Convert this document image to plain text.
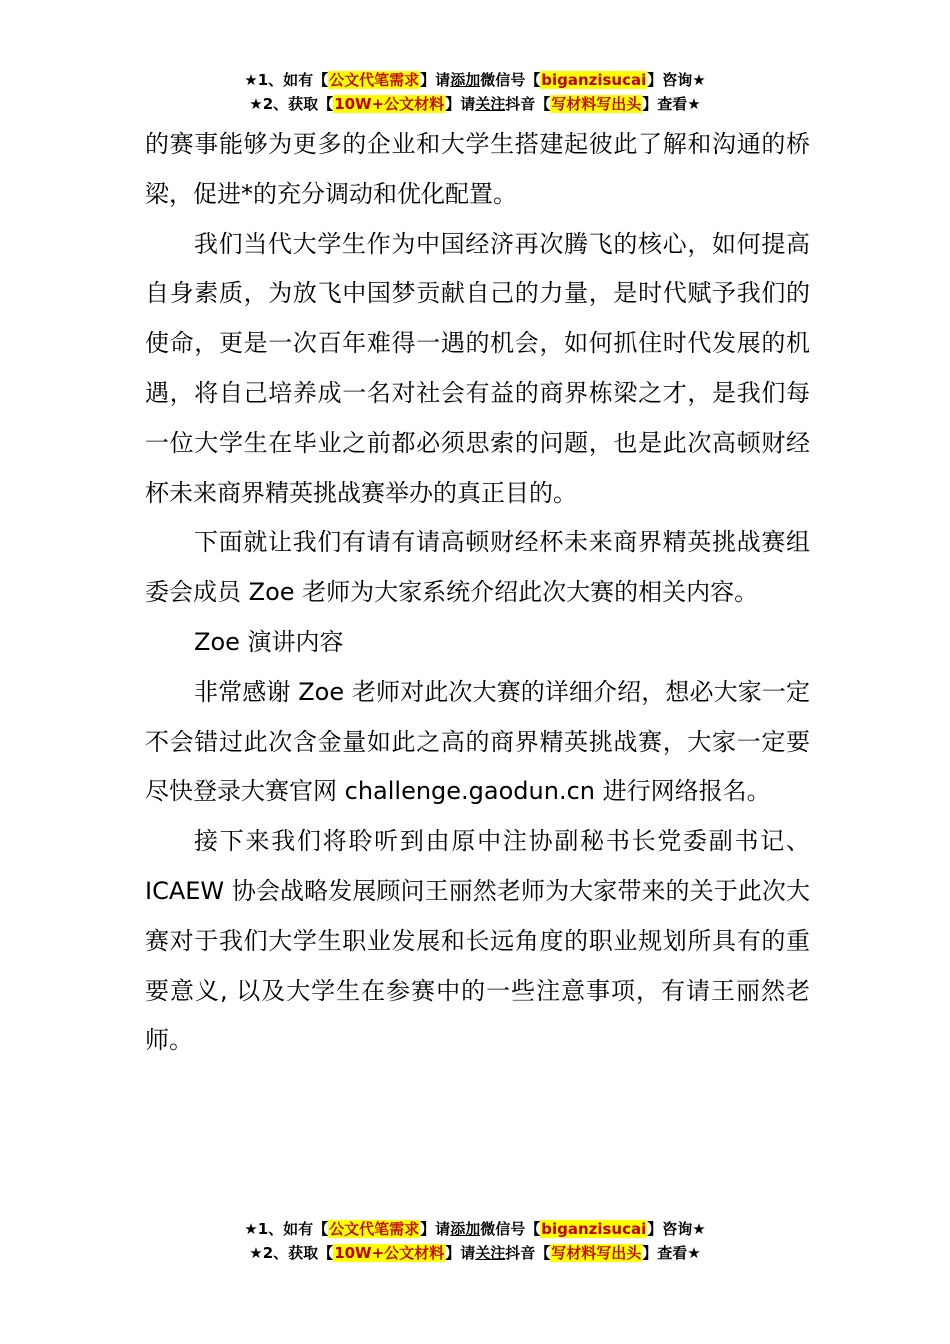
★1、如有【公文代笔需求】请添加微信号【biganzisucai】咨询★
★2、获取【10W+公文材料】请关注抖音【写材料写出头】查看★

的赛事能够为更多的企业和大学生搭建起彼此了解和沟通的桥梁，促进*的充分调动和优化配置。

我们当代大学生作为中国经济再次腾飞的核心，如何提高自身素质，为放飞中国梦贡献自己的力量，是时代赋予我们的使命，更是一次百年难得一遇的机会，如何抓住时代发展的机遇，将自己培养成一名对社会有益的商界栋梁之才，是我们每一位大学生在毕业之前都必须思索的问题，也是此次高顿财经杯未来商界精英挑战赛举办的真正目的。

下面就让我们有请有请高顿财经杯未来商界精英挑战赛组委会成员 Zoe 老师为大家系统介绍此次大赛的相关内容。

Zoe 演讲内容

非常感谢 Zoe 老师对此次大赛的详细介绍，想必大家一定不会错过此次含金量如此之高的商界精英挑战赛，大家一定要尽快登录大赛官网 challenge.gaodun.cn 进行网络报名。

接下来我们将聆听到由原中注协副秘书长党委副书记、ICAEW 协会战略发展顾问王丽然老师为大家带来的关于此次大赛对于我们大学生职业发展和长远角度的职业规划所具有的重要意义, 以及大学生在参赛中的一些注意事项，有请王丽然老师。

★1、如有【公文代笔需求】请添加微信号【biganzisucai】咨询★
★2、获取【10W+公文材料】请关注抖音【写材料写出头】查看★
